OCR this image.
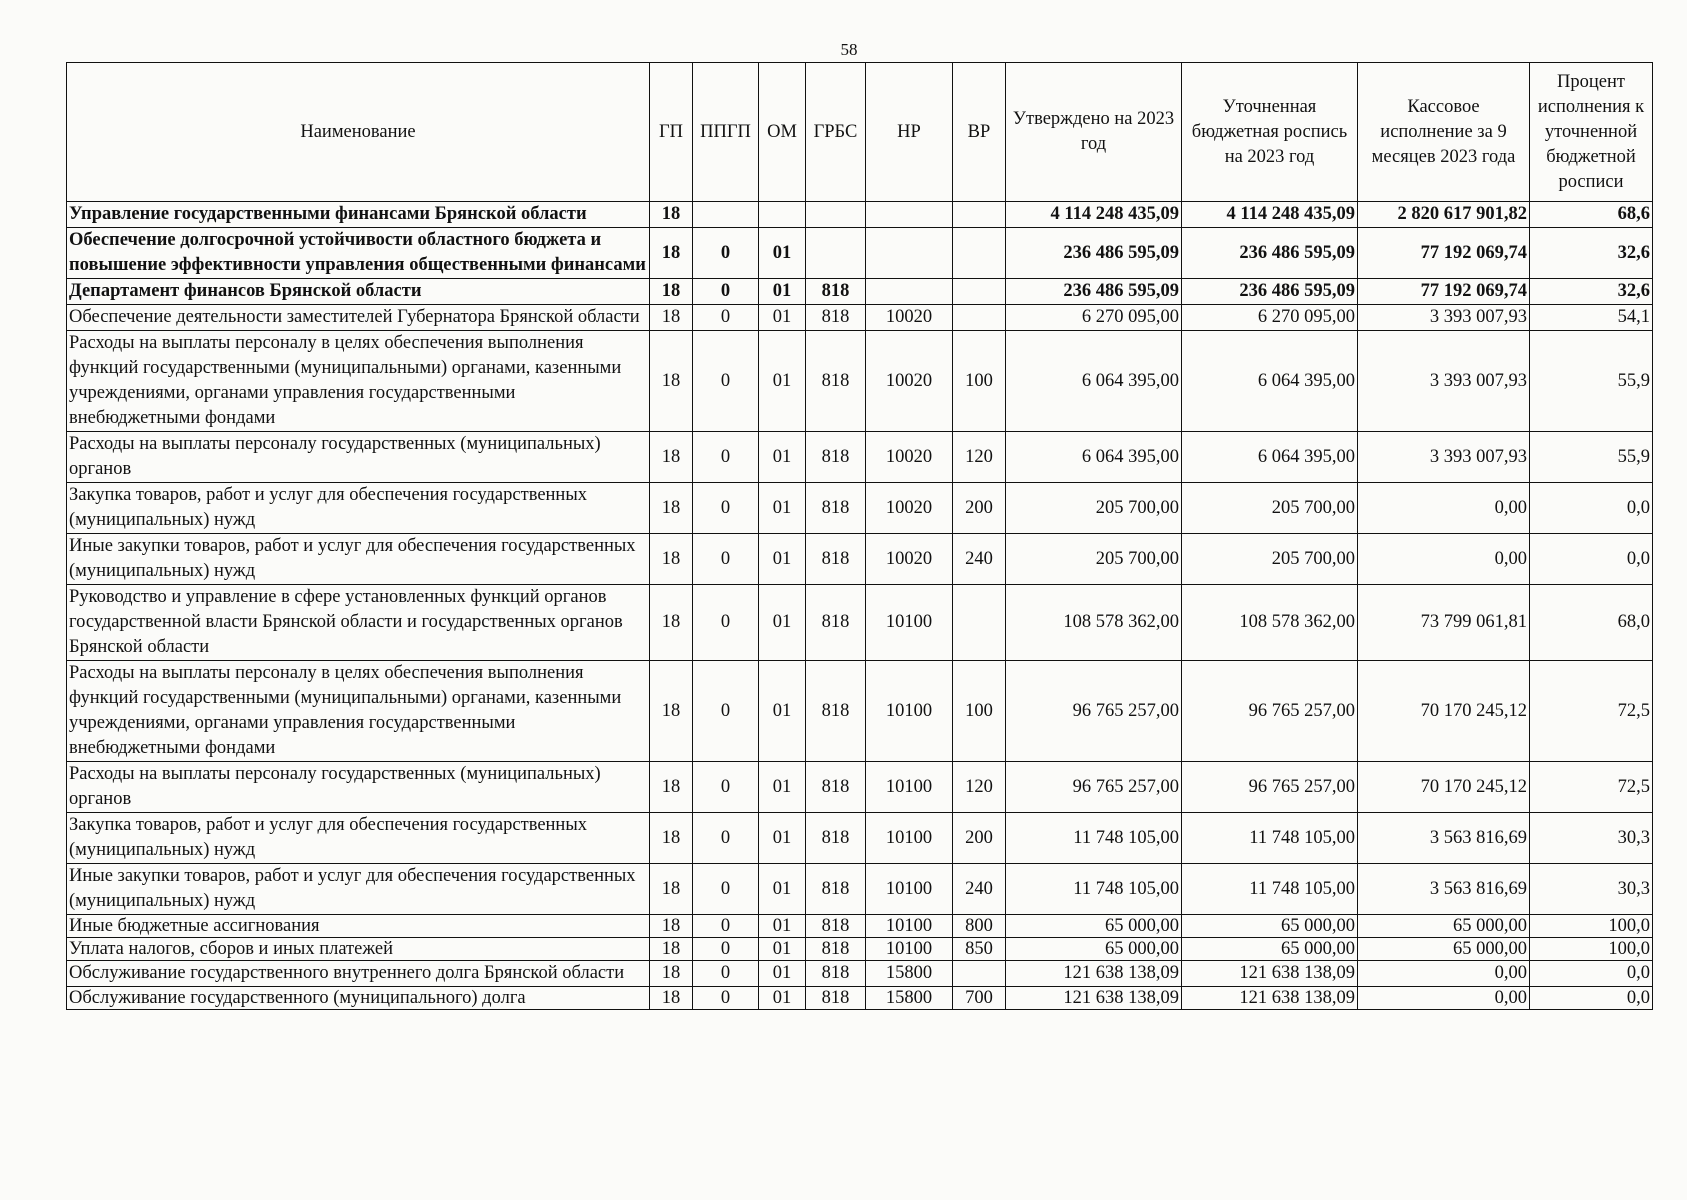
58
Наименование	ГП	ППГП	ОМ	ГРБС	НР	ВР	Утверждено на 2023 год	Уточненная бюджетная роспись на 2023 год	Кассовое исполнение за 9 месяцев 2023 года	Процент исполнения к уточненной бюджетной росписи
Управление государственными финансами Брянской области	18						4 114 248 435,09	4 114 248 435,09	2 820 617 901,82	68,6
Обеспечение долгосрочной устойчивости областного бюджета и повышение эффективности управления общественными финансами	18	0	01				236 486 595,09	236 486 595,09	77 192 069,74	32,6
Департамент финансов Брянской области	18	0	01	818			236 486 595,09	236 486 595,09	77 192 069,74	32,6
Обеспечение деятельности заместителей Губернатора Брянской области	18	0	01	818	10020		6 270 095,00	6 270 095,00	3 393 007,93	54,1
Расходы на выплаты персоналу в целях обеспечения выполнения функций государственными (муниципальными) органами, казенными учреждениями, органами управления государственными внебюджетными фондами	18	0	01	818	10020	100	6 064 395,00	6 064 395,00	3 393 007,93	55,9
Расходы на выплаты персоналу государственных (муниципальных) органов	18	0	01	818	10020	120	6 064 395,00	6 064 395,00	3 393 007,93	55,9
Закупка товаров, работ и услуг для обеспечения государственных (муниципальных) нужд	18	0	01	818	10020	200	205 700,00	205 700,00	0,00	0,0
Иные закупки товаров, работ и услуг для обеспечения государственных (муниципальных) нужд	18	0	01	818	10020	240	205 700,00	205 700,00	0,00	0,0
Руководство и управление в сфере установленных функций органов государственной власти Брянской области и государственных органов Брянской области	18	0	01	818	10100		108 578 362,00	108 578 362,00	73 799 061,81	68,0
Расходы на выплаты персоналу в целях обеспечения выполнения функций государственными (муниципальными) органами, казенными учреждениями, органами управления государственными внебюджетными фондами	18	0	01	818	10100	100	96 765 257,00	96 765 257,00	70 170 245,12	72,5
Расходы на выплаты персоналу государственных (муниципальных) органов	18	0	01	818	10100	120	96 765 257,00	96 765 257,00	70 170 245,12	72,5
Закупка товаров, работ и услуг для обеспечения государственных (муниципальных) нужд	18	0	01	818	10100	200	11 748 105,00	11 748 105,00	3 563 816,69	30,3
Иные закупки товаров, работ и услуг для обеспечения государственных (муниципальных) нужд	18	0	01	818	10100	240	11 748 105,00	11 748 105,00	3 563 816,69	30,3
Иные бюджетные ассигнования	18	0	01	818	10100	800	65 000,00	65 000,00	65 000,00	100,0
Уплата налогов, сборов и иных платежей	18	0	01	818	10100	850	65 000,00	65 000,00	65 000,00	100,0
Обслуживание государственного внутреннего долга Брянской области	18	0	01	818	15800		121 638 138,09	121 638 138,09	0,00	0,0
Обслуживание государственного (муниципального) долга	18	0	01	818	15800	700	121 638 138,09	121 638 138,09	0,00	0,0
